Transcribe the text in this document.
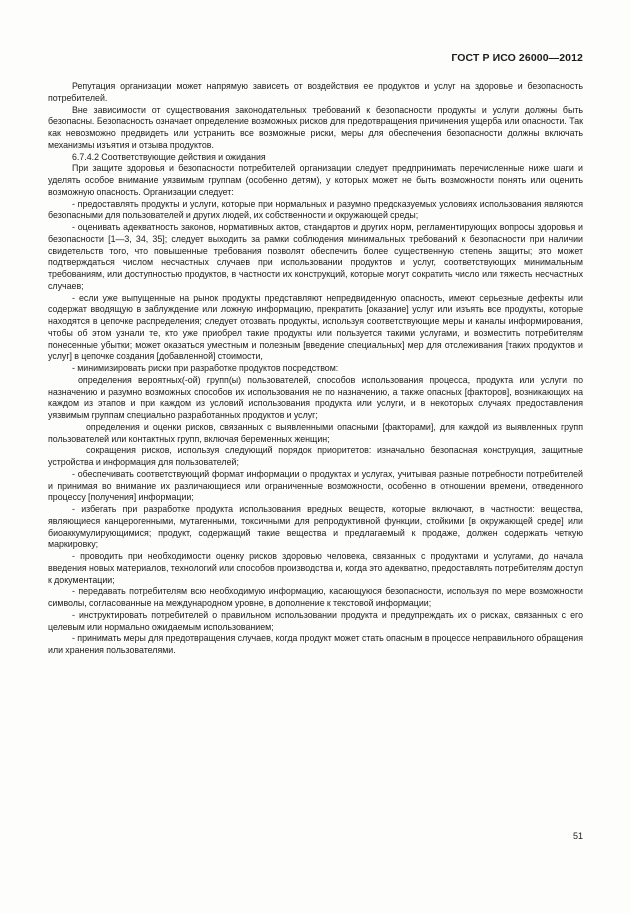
ГОСТ Р ИСО 26000—2012

Репутация организации может напрямую зависеть от воздействия ее продуктов и услуг на здоровье и безопасность потребителей.

Вне зависимости от существования законодательных требований к безопасности продукты и услуги должны быть безопасны. Безопасность означает определение возможных рисков для предотвращения причинения ущерба или опасности. Так как невозможно предвидеть или устранить все возможные риски, меры для обеспечения безопасности должны включать механизмы изъятия и отзыва продуктов.

6.7.4.2 Соответствующие действия и ожидания

При защите здоровья и безопасности потребителей организации следует предпринимать перечисленные ниже шаги и уделять особое внимание уязвимым группам (особенно детям), у которых может не быть возможности понять или оценить возможную опасность. Организации следует:

- предоставлять продукты и услуги, которые при нормальных и разумно предсказуемых условиях использования являются безопасными для пользователей и других людей, их собственности и окружающей среды;

- оценивать адекватность законов, нормативных актов, стандартов и других норм, регламентирующих вопросы здоровья и безопасности [1—3, 34, 35]; следует выходить за рамки соблюдения минимальных требований к безопасности при наличии свидетельств того, что повышенные требования позволят обеспечить более существенную степень защиты; это может подтверждаться числом несчастных случаев при использовании продуктов и услуг, соответствующих минимальным требованиям, или доступностью продуктов, в частности их конструкций, которые могут сократить число или тяжесть несчастных случаев;

- если уже выпущенные на рынок продукты представляют непредвиденную опасность, имеют серьезные дефекты или содержат вводящую в заблуждение или ложную информацию, прекратить [оказание] услуг или изъять все продукты, которые находятся в цепочке распределения; следует отозвать продукты, используя соответствующие меры и каналы информирования, чтобы об этом узнали те, кто уже приобрел такие продукты или пользуется такими услугами, и возместить потребителям понесенные убытки; может оказаться уместным и полезным [введение специальных] мер для отслеживания [таких продуктов и услуг] в цепочке создания [добавленной] стоимости,

- минимизировать риски при разработке продуктов посредством:

определения вероятных(-ой) групп(ы) пользователей, способов использования процесса, продукта или услуги по назначению и разумно возможных способов их использования не по назначению, а также опасных [факторов], возникающих на каждом из этапов и при каждом из условий использования продукта или услуги, и в некоторых случаях предоставления уязвимым группам специально разработанных продуктов и услуг;

определения и оценки рисков, связанных с выявленными опасными [факторами], для каждой из выявленных групп пользователей или контактных групп, включая беременных женщин;

сокращения рисков, используя следующий порядок приоритетов: изначально безопасная конструкция, защитные устройства и информация для пользователей;

- обеспечивать соответствующий формат информации о продуктах и услугах, учитывая разные потребности потребителей и принимая во внимание их различающиеся или ограниченные возможности, особенно в отношении времени, отведенного процессу [получения] информации;

- избегать при разработке продукта использования вредных веществ, которые включают, в частности: вещества, являющиеся канцерогенными, мутагенными, токсичными для репродуктивной функции, стойкими [в окружающей среде] или биоаккумулирующимися; продукт, содержащий такие вещества и предлагаемый к продаже, должен содержать четкую маркировку;

- проводить при необходимости оценку рисков здоровью человека, связанных с продуктами и услугами, до начала введения новых материалов, технологий или способов производства и, когда это адекватно, предоставлять потребителям доступ к документации;

- передавать потребителям всю необходимую информацию, касающуюся безопасности, используя по мере возможности символы, согласованные на международном уровне, в дополнение к текстовой информации;

- инструктировать потребителей о правильном использовании продукта и предупреждать их о рисках, связанных с его целевым или нормально ожидаемым использованием;

- принимать меры для предотвращения случаев, когда продукт может стать опасным в процессе неправильного обращения или хранения пользователями.

51
